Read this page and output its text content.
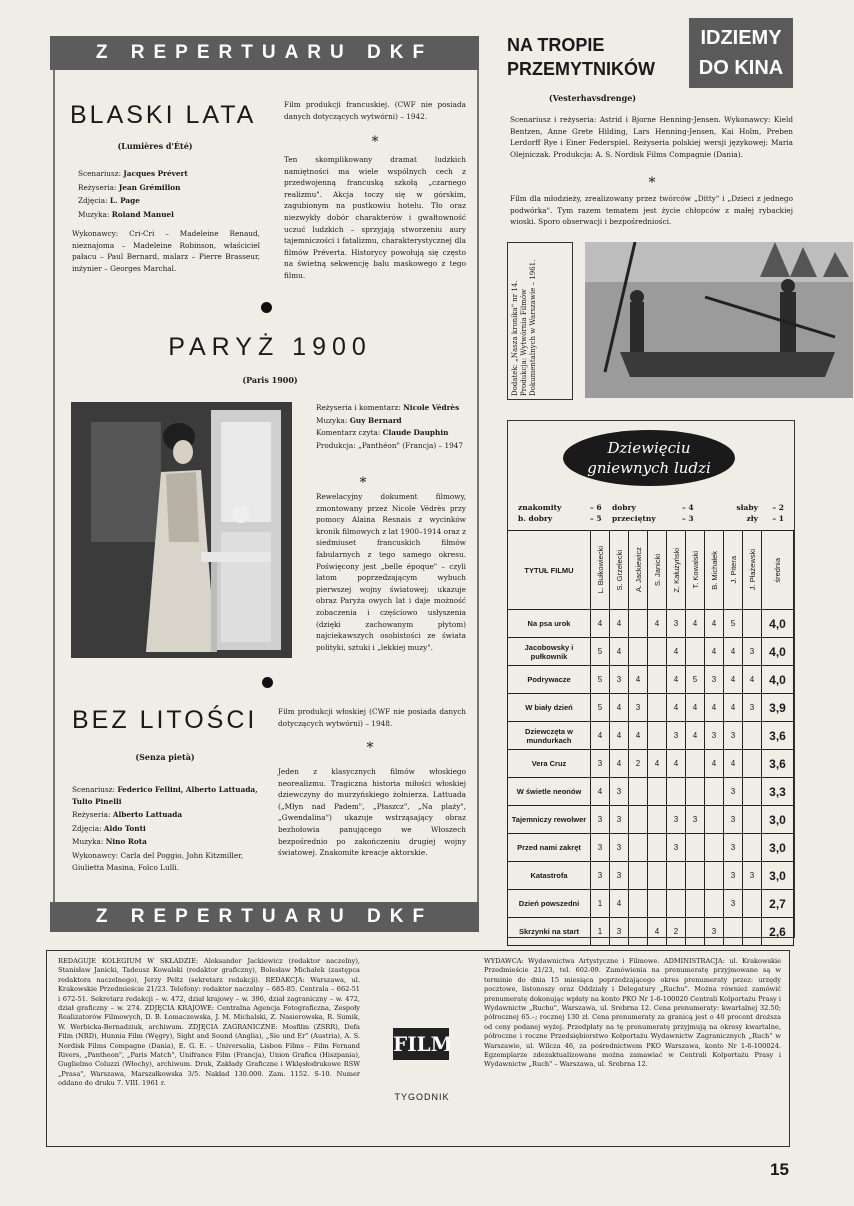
Z REPERTUARU DKF
BLASKI LATA
(Lumières d'Été)
Scenariusz: Jacques Prévert
Reżyseria: Jean Grémillon
Zdjęcia: L. Page
Muzyka: Roland Manuel
Wykonawcy: Cri-Cri – Madeleine Renaud, nieznajoma – Madeleine Robinson, właściciel pałacu – Paul Bernard, malarz – Pierre Brasseur, inżynier – Georges Marchal.
Film produkcji francuskiej. (CWF nie posiada danych dotyczących wytwórni) – 1942.
*
Ten skomplikowany dramat ludzkich namiętności ma wiele wspólnych cech z przedwojenną francuską szkołą „czarnego realizmu". Akcja toczy się w górskim, zagubionym na pustkowiu hotelu. Tło oraz niezwykły dobór charakterów i gwałtowność uczuć ludzkich – sprzyjają stworzeniu aury tajemniczości i fatalizmu, charakterystycznej dla filmów Préverta. Historycy powołują się często na świetną sekwencję balu maskowego z tego filmu.
PARYŻ 1900
(Paris 1900)
Reżyseria i komentarz: Nicole Védrès
Muzyka: Guy Bernard
Komentarz czyta: Claude Dauphin
Produkcja: „Panthéon" (Francja) – 1947
*
Rewelacyjny dokument filmowy, zmontowany przez Nicole Védrès przy pomocy Alaina Resnais z wycinków kronik filmowych z lat 1900–1914 oraz z siedmiuset francuskich filmów fabularnych z tego samego okresu. Poświęcony jest „belle époque" – czyli latom poprzedzającym wybuch pierwszej wojny światowej; ukazuje obraz Paryża owych lat i daje możność zobaczenia i częściowo usłyszenia (dzięki zachowanym płytom) najciekawszych osobistości ze świata polityki, sztuki i „lekkiej muzy".
BEZ LITOŚCI
(Senza pietà)
Scenariusz: Federico Fellini, Alberto Lattuada, Tulio Pinelli
Reżyseria: Alberto Lattuada
Zdjęcia: Aldo Tonti
Muzyka: Nino Rota
Wykonawcy: Carla del Poggio, John Kitzmiller, Giulietta Masina, Folco Lulli.
Film produkcji włoskiej (CWF nie posiada danych dotyczących wytwórni) – 1948.
*
Jeden z klasycznych filmów włoskiego neorealizmu. Tragiczna historia miłości włoskiej dziewczyny do murzyńskiego żołnierza. Lattuada („Młyn nad Padem", „Płaszcz", „Na plaży", „Gwendalina") ukazuje wstrząsający obraz bezhołowia panującego we Włoszech bezpośrednio po zakończeniu drugiej wojny światowej. Znakomite kreacje aktorskie.
Z REPERTUARU DKF
NA TROPIE
PRZEMYTNIKÓW
IDZIEMY
DO KINA
(Vesterhavsdrenge)
Scenariusz i reżyseria: Astrid i Bjorne Henning-Jensen. Wykonawcy: Kield Bentzen, Anne Grete Hilding, Lars Henning-Jensen, Kai Holm, Preben Lerdorff Rye i Einer Federspiel. Reżyseria polskiej wersji językowej: Maria Olejniczak. Produkcja: A. S. Nordisk Films Compagnie (Dania).
*
Film dla młodzieży, zrealizowany przez twórców „Ditty" i „Dzieci z jednego podwórka". Tym razem tematem jest życie chłopców z małej rybackiej wioski. Sporo obserwacji i bezpośredniości.
Dodatek: „Nasza kronika" nr 14. Produkcja: Wytwórnia Filmów Dokumentalnych w Warszawie – 1961.
Dziewięciu
gniewnych ludzi
znakomity	– 6	dobry	– 4	słaby	– 2
b. dobry	– 5	przeciętny	– 3	zły	– 1
TYTUŁ FILMU	L. Bułkowiecki	S. Grzelecki	A. Jackiewicz	S. Janicki	Z. Kałużyński	T. Kowalski	B. Michałek	J. Pitera	J. Płażewski	średnia

Na psa urok	4	4		4	3	4	4	5		4,0
Jacobowsky i pułkownik	5	4			4		4	4	3	4,0
Podrywacze	5	3	4		4	5	3	4	4	4,0
W biały dzień	5	4	3		4	4	4	4	3	3,9
Dziewczęta w mundurkach	4	4	4		3	4	3	3		3,6
Vera Cruz	3	4	2	4	4		4	4		3,6
W świetle neonów	4	3						3		3,3
Tajemniczy rewolwer	3	3			3	3		3		3,0
Przed nami zakręt	3	3			3			3		3,0
Katastrofa	3	3						3	3	3,0
Dzień powszedni	1	4						3		2,7
Skrzynki na start	1	3		4	2		3			2,6
REDAGUJE KOLEGIUM W SKŁADZIE: Aleksander Jackiewicz (redaktor naczelny), Stanisław Janicki, Tadeusz Kowalski (redaktor graficzny), Bolesław Michałek (zastępca redaktora naczelnego), Jerzy Peltz (sekretarz redakcji). REDAKCJA: Warszawa, ul. Krakowskie Przedmieście 21/23. Telefony: redaktor naczelny – 685-85. Centrala – 662-51 i 672-51. Sekretarz redakcji – w. 472, dział krajowy – w. 396, dział zagraniczny – w. 472, dział graficzny – w. 274. ZDJĘCIA KRAJOWE: Centralna Agencja Fotograficzna, Zespoły Realizatorów Filmowych, D. B. Łomaczewska, J. M. Michalski, Z. Nasierowska, R. Sumik, W. Werbicka-Bernadziuk, archiwum. ZDJĘCIA ZAGRANICZNE: Mosfilm (ZSRR), Defa Film (NRD), Hunnia Film (Węgry), Sight and Sound (Anglia), „Sie und Er" (Austria), A. S. Nordisk Films Compagne (Dania), E. G. E. – Universalia, Lisbon Films – Film Fernand Rivers, „Pantheon", „Paris Match", Unifrance Film (Francja), Union Grafica (Hiszpania), Guglielmo Coluzzi (Włochy), archiwum. Druk, Zakłady Graficzne i Wklęsłodrukowe RSW „Prasa", Warszawa, Marszałkowska 3/5. Nakład 130.000. Zam. 1152. S-10. Numer oddano do druku 7. VIII. 1961 r.
FILM
TYGODNIK
WYDAWCA: Wydawnictwa Artystyczne i Filmowe. ADMINISTRACJA: ul. Krakowskie Przedmieście 21/23, tel. 602-09. Zamówienia na prenumeratę przyjmowane są w terminie do dnia 15 miesiąca poprzedzającego okres prenumeraty przez: urzędy pocztowe, listonoszy oraz Oddziały i Delegatury „Ruchu". Można również zamówić prenumeratę dokonując wpłaty na konto PKO Nr 1-6-100020 Centrali Kolportażu Prasy i Wydawnictw „Ruchu", Warszawa, ul. Srebrna 12. Cena prenumeraty: kwartalnej 32.50; półrocznej 65.–; rocznej 130 zł. Cena prenumeraty za granicą jest o 40 procent droższa od ceny podanej wyżej. Przedpłaty na tę prenumeratę przyjmują na okresy kwartalne, półroczne i roczne Przedsiębiorstwo Kolportażu Wydawnictw Zagranicznych „Ruch" w Warszawie, ul. Wilcza 46, za pośrednictwem PKO Warszawa, konto Nr 1-6-100024. Egzemplarze zdezaktualizowane można zamawiać w Centrali Kolportażu Prasy i Wydawnictw „Ruch" – Warszawa, ul. Srebrna 12.
15
